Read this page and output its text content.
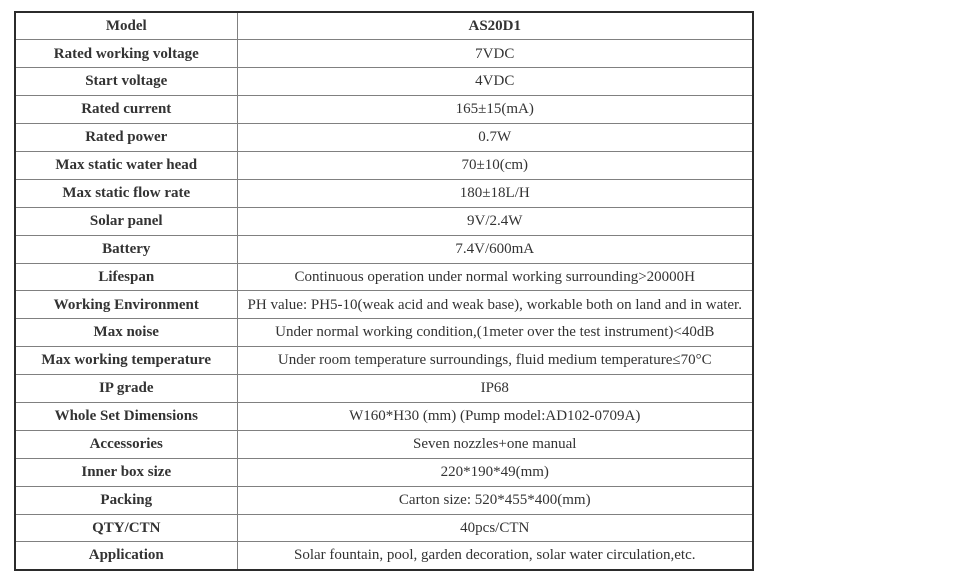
Model	AS20D1
Rated working voltage	7VDC
Start voltage	4VDC
Rated current	165±15(mA)
Rated power	0.7W
Max static water head	70±10(cm)
Max static flow rate	180±18L/H
Solar panel	9V/2.4W
Battery	7.4V/600mA
Lifespan	Continuous operation under normal working surrounding>20000H
Working Environment	PH value: PH5-10(weak acid and weak base), workable both on land and in water.
Max noise	Under normal working condition,(1meter over the test instrument)<40dB
Max working temperature	Under room temperature surroundings, fluid medium temperature≤70°C
IP grade	IP68
Whole Set Dimensions	W160*H30 (mm) (Pump model:AD102-0709A)
Accessories	Seven nozzles+one manual
Inner box size	220*190*49(mm)
Packing	Carton size: 520*455*400(mm)
QTY/CTN	40pcs/CTN
Application	Solar fountain, pool, garden decoration, solar water circulation,etc.
